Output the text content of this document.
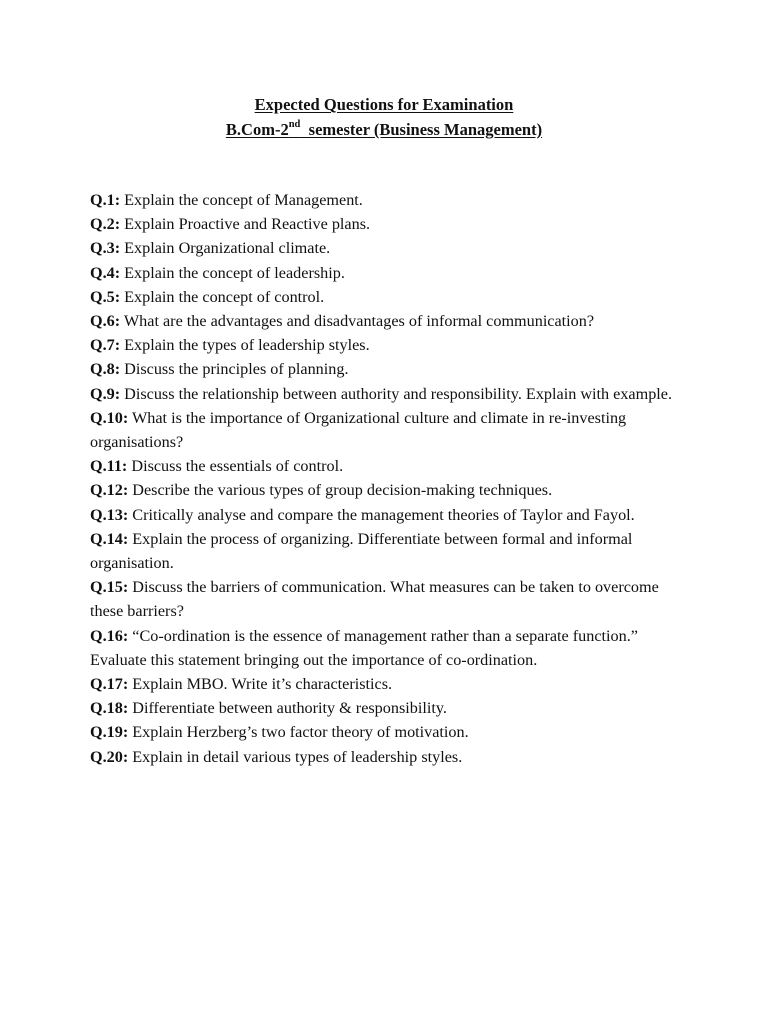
Expected Questions for Examination
B.Com-2nd  semester (Business Management)
Q.1: Explain the concept of Management.
Q.2: Explain Proactive and Reactive plans.
Q.3: Explain Organizational climate.
Q.4: Explain the concept of leadership.
Q.5: Explain the concept of control.
Q.6: What are the advantages and disadvantages of informal communication?
Q.7: Explain the types of leadership styles.
Q.8: Discuss the principles of planning.
Q.9: Discuss the relationship between authority and responsibility. Explain with example.
Q.10: What is the importance of Organizational culture and climate in re-investing organisations?
Q.11: Discuss the essentials of control.
Q.12: Describe the various types of group decision-making techniques.
Q.13: Critically analyse and compare the management theories of Taylor and Fayol.
Q.14: Explain the process of organizing. Differentiate between formal and informal organisation.
Q.15: Discuss the barriers of communication. What measures can be taken to overcome these barriers?
Q.16: “Co-ordination is the essence of management rather than a separate function.” Evaluate this statement bringing out the importance of co-ordination.
Q.17: Explain MBO. Write it’s characteristics.
Q.18: Differentiate between authority & responsibility.
Q.19: Explain Herzberg’s two factor theory of motivation.
Q.20: Explain in detail various types of leadership styles.
